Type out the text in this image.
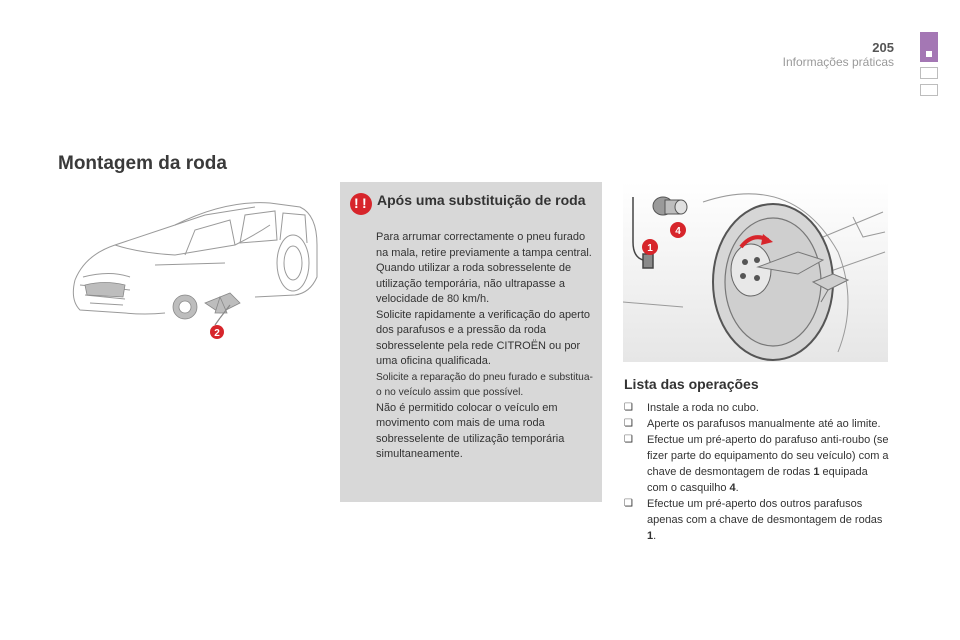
205
Informações práticas
Montagem da roda
2
! !
Após uma substituição de roda

Para arrumar correctamente o pneu furado na mala, retire previamente a tampa central.

Quando utilizar a roda sobresselente de utilização temporária, não ultrapasse a velocidade de 80 km/h.

Solicite rapidamente a verificação do aperto dos parafusos e a pressão da roda sobresselente pela rede CITROËN ou por uma oficina qualificada.

Solicite a reparação do pneu furado e substitua-o no veículo assim que possível.

Não é permitido colocar o veículo em movimento com mais de uma roda sobresselente de utilização temporária simultaneamente.

1
4
Lista das operações
❏ Instale a roda no cubo.
❏ Aperte os parafusos manualmente até ao limite.
❏ Efectue um pré-aperto do parafuso anti-roubo (se fizer parte do equipamento do seu veículo) com a chave de desmontagem de rodas 1 equipada com o casquilho 4.
❏ Efectue um pré-aperto dos outros parafusos apenas com a chave de desmontagem de rodas 1.
